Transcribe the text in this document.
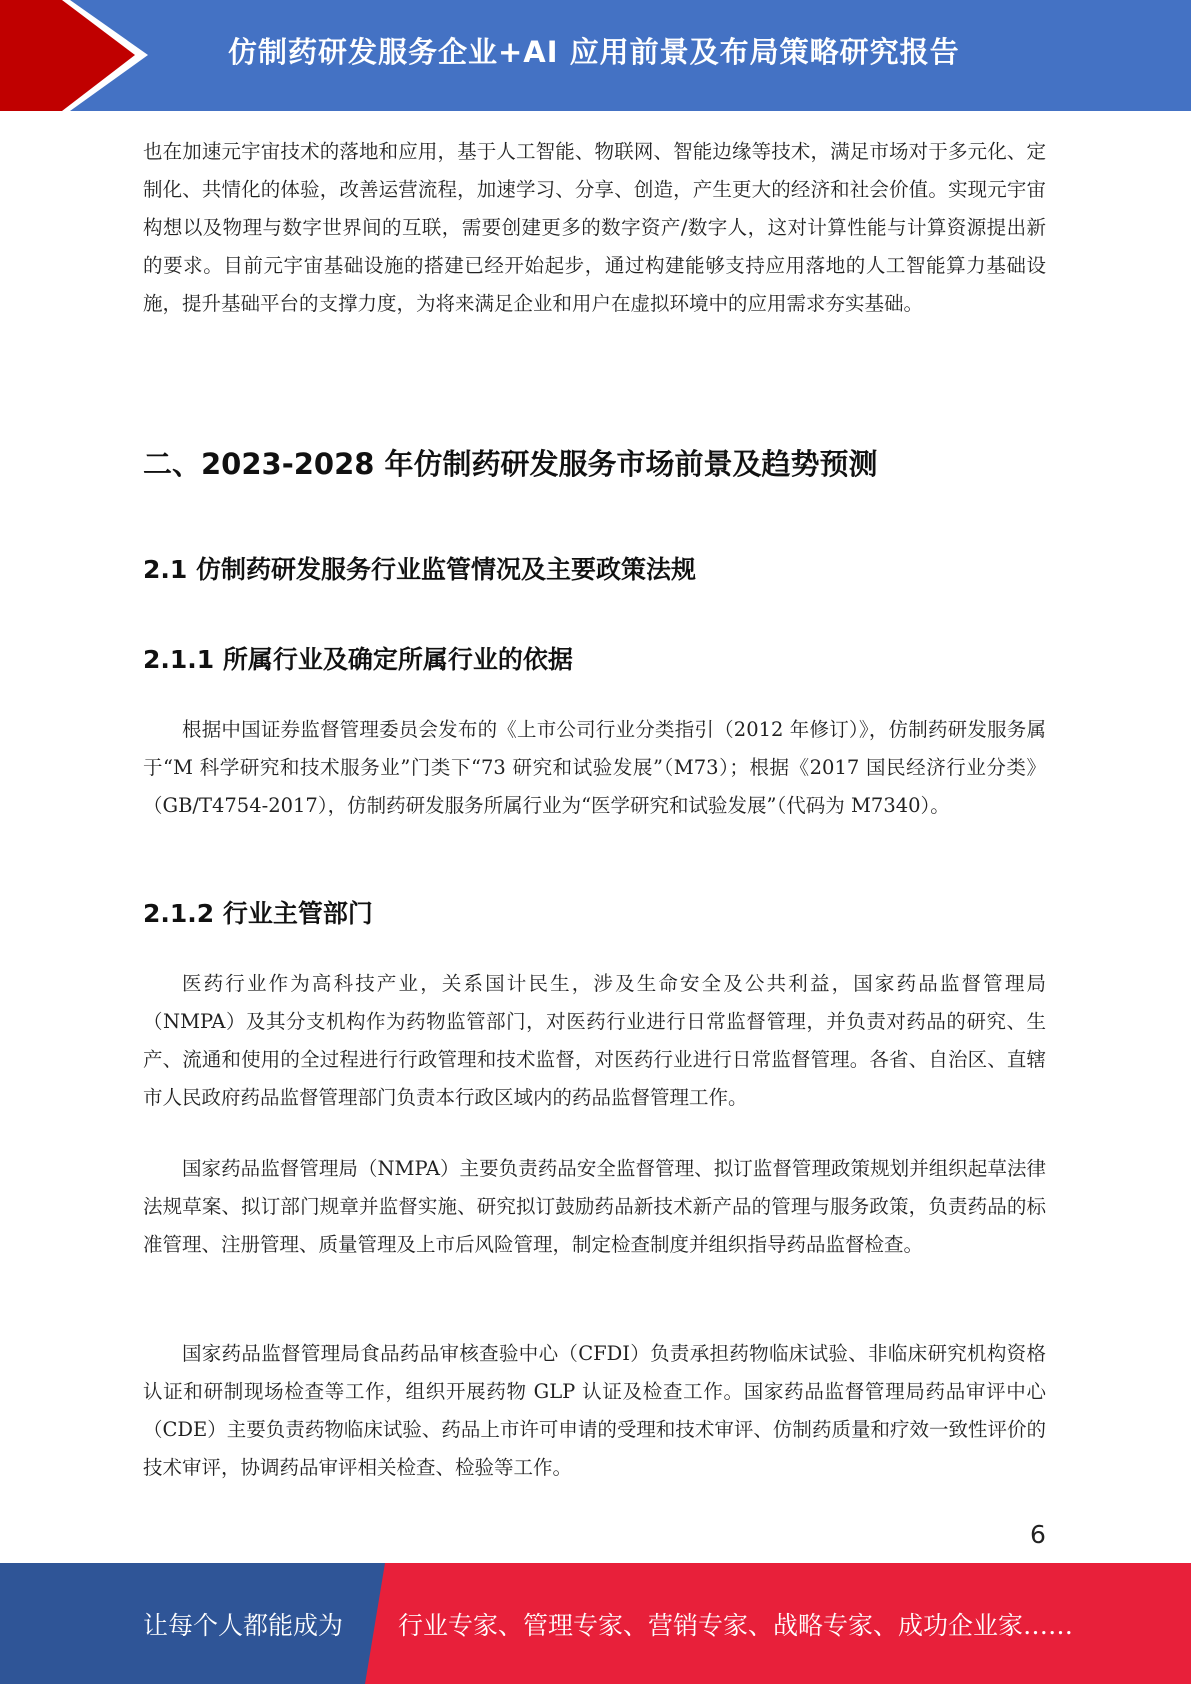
仿制药研发服务企业+AI 应用前景及布局策略研究报告

也在加速元宇宙技术的落地和应用，基于人工智能、物联网、智能边缘等技术，满足市场对于多元化、定制化、共情化的体验，改善运营流程，加速学习、分享、创造，产生更大的经济和社会价值。实现元宇宙构想以及物理与数字世界间的互联，需要创建更多的数字资产/数字人，这对计算性能与计算资源提出新的要求。目前元宇宙基础设施的搭建已经开始起步，通过构建能够支持应用落地的人工智能算力基础设施，提升基础平台的支撑力度，为将来满足企业和用户在虚拟环境中的应用需求夯实基础。

二、2023-2028 年仿制药研发服务市场前景及趋势预测
2.1 仿制药研发服务行业监管情况及主要政策法规
2.1.1 所属行业及确定所属行业的依据

根据中国证券监督管理委员会发布的《上市公司行业分类指引（2012 年修订）》，仿制药研发服务属于“M 科学研究和技术服务业”门类下“73 研究和试验发展”（M73）；根据《2017 国民经济行业分类》（GB/T4754-2017），仿制药研发服务所属行业为“医学研究和试验发展”（代码为 M7340）。

2.1.2 行业主管部门

医药行业作为高科技产业，关系国计民生，涉及生命安全及公共利益，国家药品监督管理局（NMPA）及其分支机构作为药物监管部门，对医药行业进行日常监督管理，并负责对药品的研究、生产、流通和使用的全过程进行行政管理和技术监督，对医药行业进行日常监督管理。各省、自治区、直辖市人民政府药品监督管理部门负责本行政区域内的药品监督管理工作。

国家药品监督管理局（NMPA）主要负责药品安全监督管理、拟订监督管理政策规划并组织起草法律法规草案、拟订部门规章并监督实施、研究拟订鼓励药品新技术新产品的管理与服务政策，负责药品的标准管理、注册管理、质量管理及上市后风险管理，制定检查制度并组织指导药品监督检查。

国家药品监督管理局食品药品审核查验中心（CFDI）负责承担药物临床试验、非临床研究机构资格认证和研制现场检查等工作，组织开展药物 GLP 认证及检查工作。国家药品监督管理局药品审评中心（CDE）主要负责药物临床试验、药品上市许可申请的受理和技术审评、仿制药质量和疗效一致性评价的技术审评，协调药品审评相关检查、检验等工作。

6
让每个人都能成为 行业专家、管理专家、营销专家、战略专家、成功企业家……
